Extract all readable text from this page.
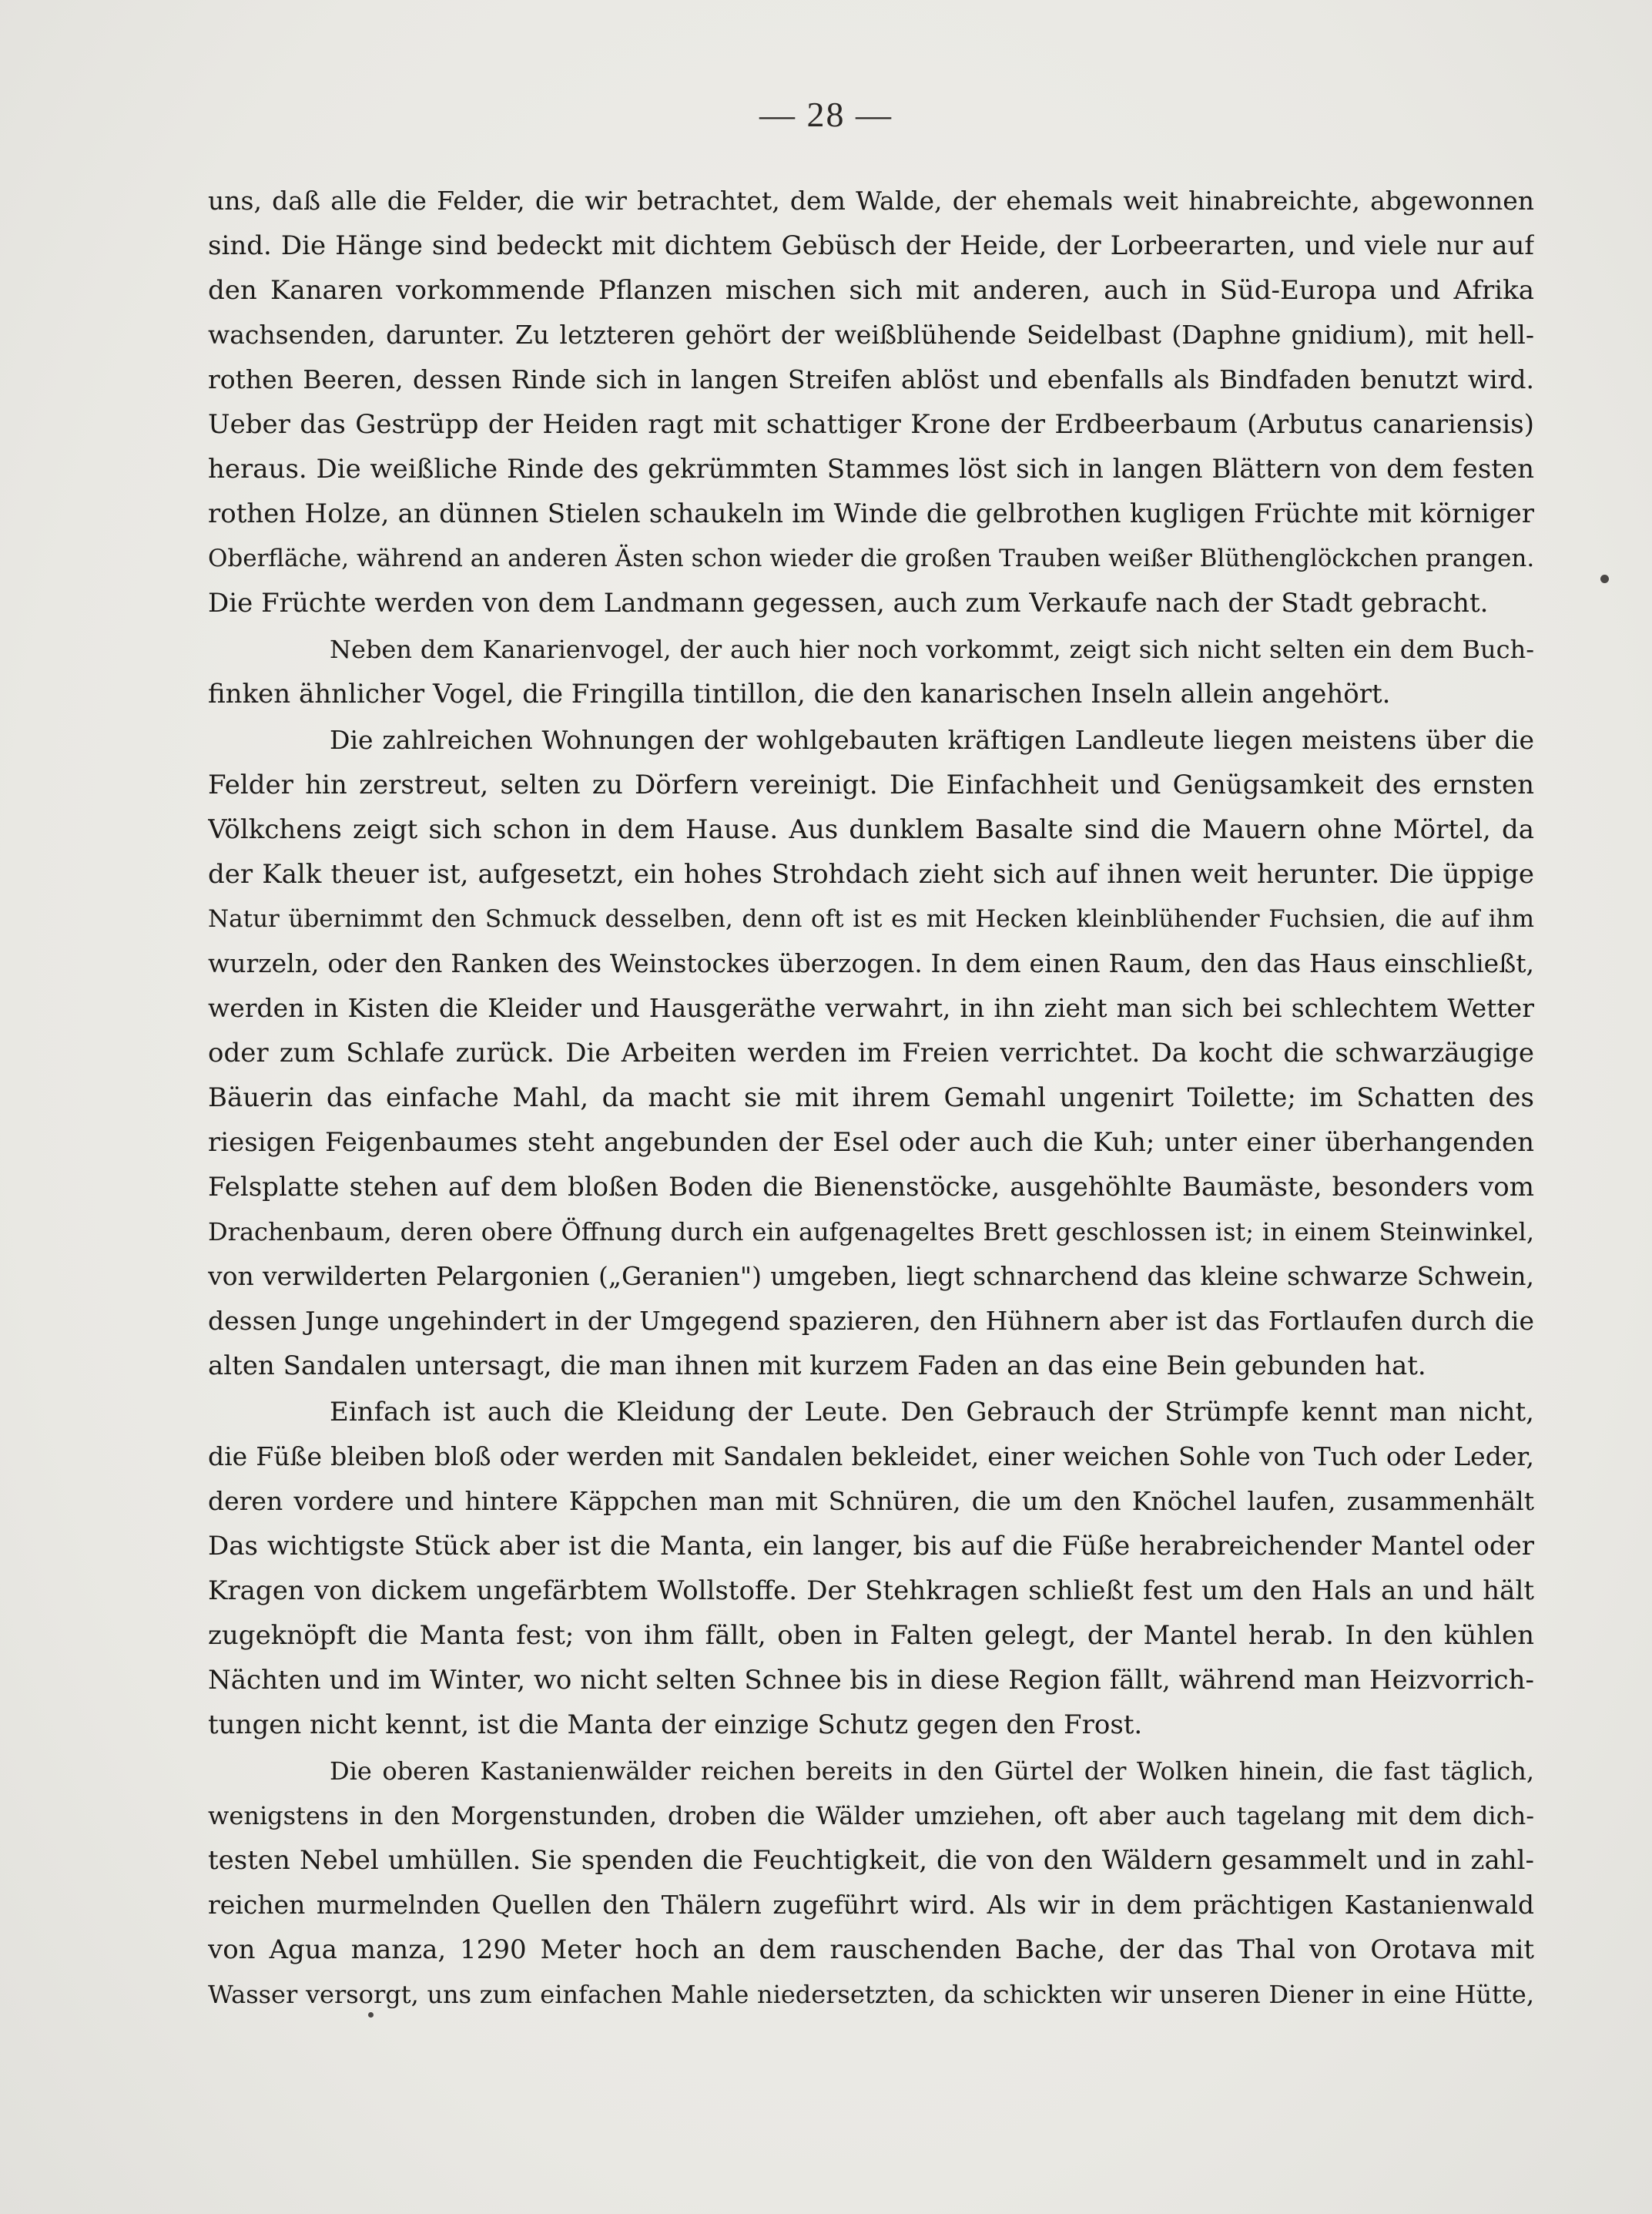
— 28 —
uns, daß alle die Felder, die wir betrachtet, dem Walde, der ehemals weit hinabreichte, abgewonnen
sind. Die Hänge sind bedeckt mit dichtem Gebüsch der Heide, der Lorbeerarten, und viele nur auf
den Kanaren vorkommende Pflanzen mischen sich mit anderen, auch in Süd-Europa und Afrika
wachsenden, darunter. Zu letzteren gehört der weißblühende Seidelbast (Daphne gnidium), mit hell-
rothen Beeren, dessen Rinde sich in langen Streifen ablöst und ebenfalls als Bindfaden benutzt wird.
Ueber das Gestrüpp der Heiden ragt mit schattiger Krone der Erdbeerbaum (Arbutus canariensis)
heraus. Die weißliche Rinde des gekrümmten Stammes löst sich in langen Blättern von dem festen
rothen Holze, an dünnen Stielen schaukeln im Winde die gelbrothen kugligen Früchte mit körniger
Oberfläche, während an anderen Ästen schon wieder die großen Trauben weißer Blüthenglöckchen prangen.
Die Früchte werden von dem Landmann gegessen, auch zum Verkaufe nach der Stadt gebracht.
Neben dem Kanarienvogel, der auch hier noch vorkommt, zeigt sich nicht selten ein dem Buch-
finken ähnlicher Vogel, die Fringilla tintillon, die den kanarischen Inseln allein angehört.
Die zahlreichen Wohnungen der wohlgebauten kräftigen Landleute liegen meistens über die
Felder hin zerstreut, selten zu Dörfern vereinigt. Die Einfachheit und Genügsamkeit des ernsten
Völkchens zeigt sich schon in dem Hause. Aus dunklem Basalte sind die Mauern ohne Mörtel, da
der Kalk theuer ist, aufgesetzt, ein hohes Strohdach zieht sich auf ihnen weit herunter. Die üppige
Natur übernimmt den Schmuck desselben, denn oft ist es mit Hecken kleinblühender Fuchsien, die auf ihm
wurzeln, oder den Ranken des Weinstockes überzogen. In dem einen Raum, den das Haus einschließt,
werden in Kisten die Kleider und Hausgeräthe verwahrt, in ihn zieht man sich bei schlechtem Wetter
oder zum Schlafe zurück. Die Arbeiten werden im Freien verrichtet. Da kocht die schwarzäugige
Bäuerin das einfache Mahl, da macht sie mit ihrem Gemahl ungenirt Toilette; im Schatten des
riesigen Feigenbaumes steht angebunden der Esel oder auch die Kuh; unter einer überhangenden
Felsplatte stehen auf dem bloßen Boden die Bienenstöcke, ausgehöhlte Baumäste, besonders vom
Drachenbaum, deren obere Öffnung durch ein aufgenageltes Brett geschlossen ist; in einem Steinwinkel,
von verwilderten Pelargonien („Geranien") umgeben, liegt schnarchend das kleine schwarze Schwein,
dessen Junge ungehindert in der Umgegend spazieren, den Hühnern aber ist das Fortlaufen durch die
alten Sandalen untersagt, die man ihnen mit kurzem Faden an das eine Bein gebunden hat.
Einfach ist auch die Kleidung der Leute. Den Gebrauch der Strümpfe kennt man nicht,
die Füße bleiben bloß oder werden mit Sandalen bekleidet, einer weichen Sohle von Tuch oder Leder,
deren vordere und hintere Käppchen man mit Schnüren, die um den Knöchel laufen, zusammenhält
Das wichtigste Stück aber ist die Manta, ein langer, bis auf die Füße herabreichender Mantel oder
Kragen von dickem ungefärbtem Wollstoffe. Der Stehkragen schließt fest um den Hals an und hält
zugeknöpft die Manta fest; von ihm fällt, oben in Falten gelegt, der Mantel herab. In den kühlen
Nächten und im Winter, wo nicht selten Schnee bis in diese Region fällt, während man Heizvorrich-
tungen nicht kennt, ist die Manta der einzige Schutz gegen den Frost.
Die oberen Kastanienwälder reichen bereits in den Gürtel der Wolken hinein, die fast täglich,
wenigstens in den Morgenstunden, droben die Wälder umziehen, oft aber auch tagelang mit dem dich-
testen Nebel umhüllen. Sie spenden die Feuchtigkeit, die von den Wäldern gesammelt und in zahl-
reichen murmelnden Quellen den Thälern zugeführt wird. Als wir in dem prächtigen Kastanienwald
von Agua manza, 1290 Meter hoch an dem rauschenden Bache, der das Thal von Orotava mit
Wasser versorgt, uns zum einfachen Mahle niedersetzten, da schickten wir unseren Diener in eine Hütte,
